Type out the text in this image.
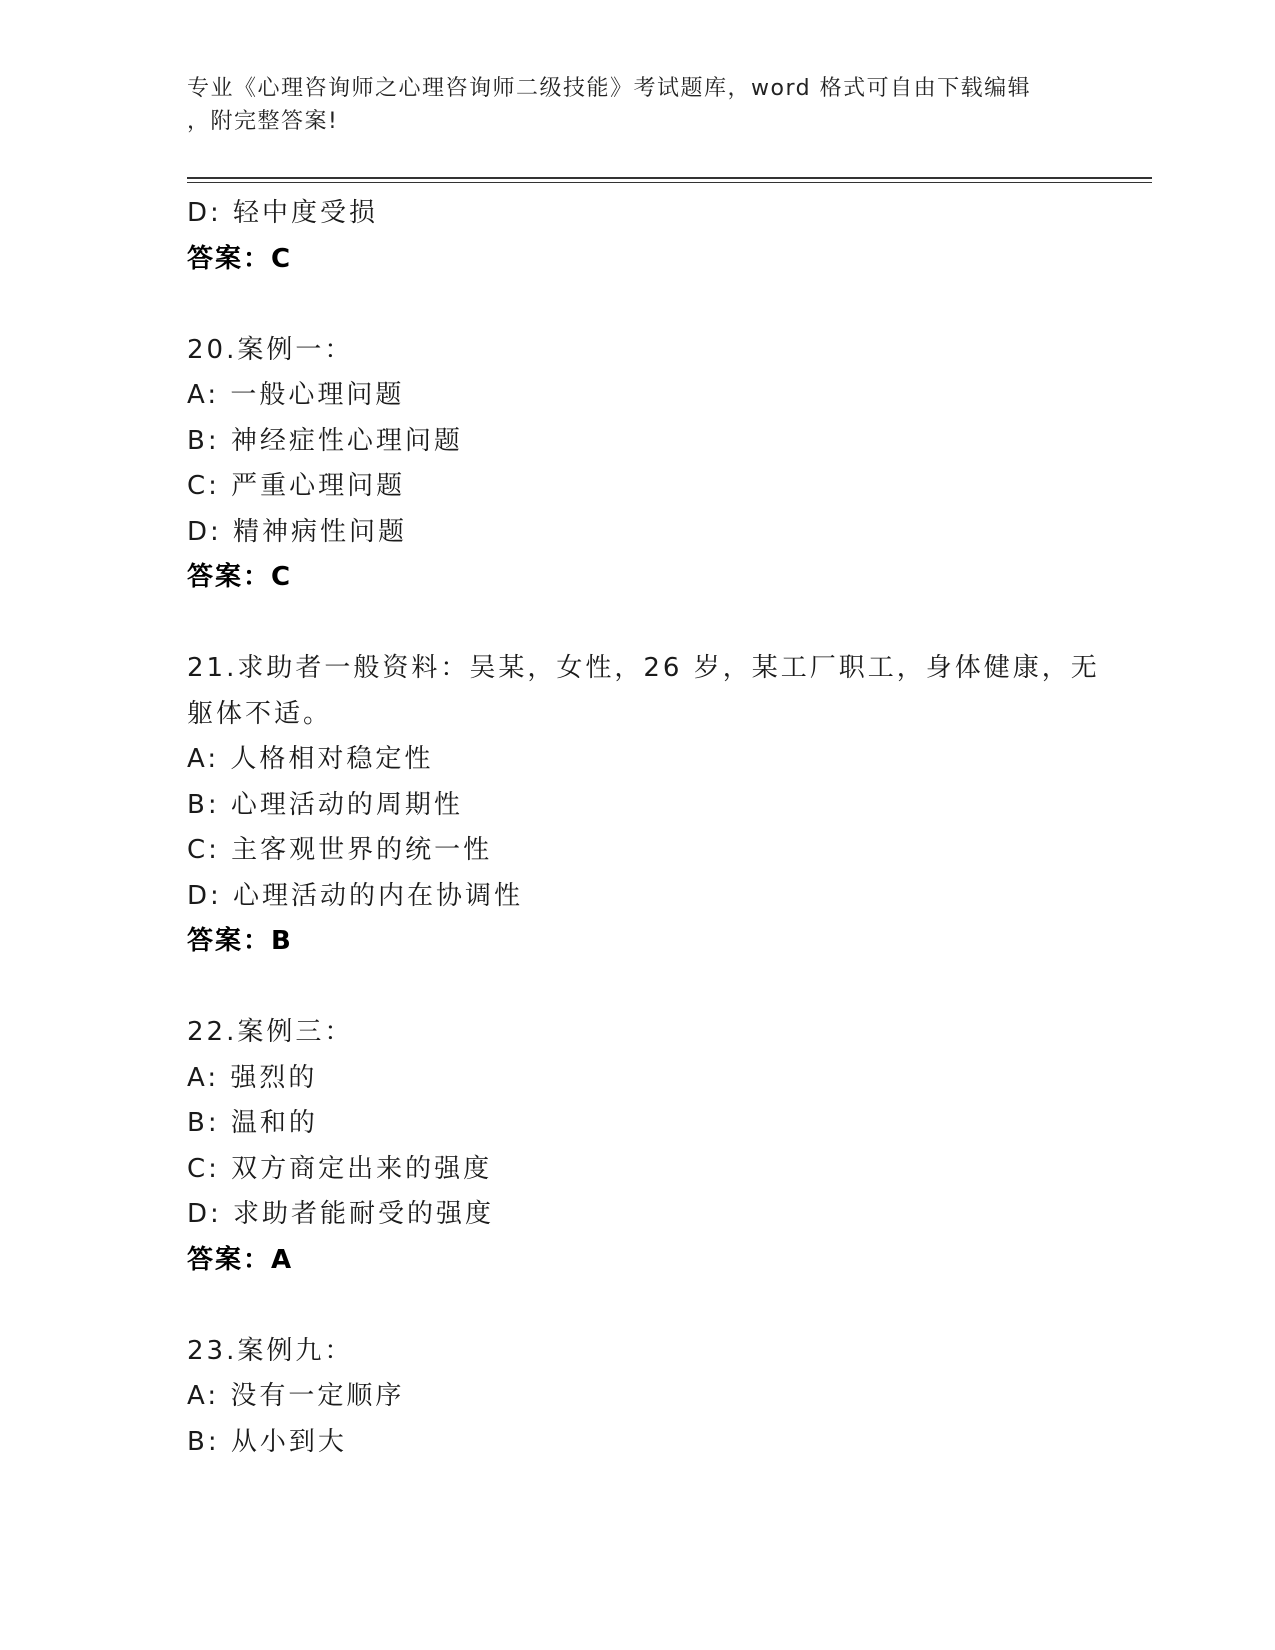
专业《心理咨询师之心理咨询师二级技能》考试题库，word 格式可自由下载编辑
，附完整答案!
D: 轻中度受损
答案：C
20.案例一：
A: 一般心理问题
B: 神经症性心理问题
C: 严重心理问题
D: 精神病性问题
答案：C
21.求助者一般资料：吴某，女性，26 岁，某工厂职工，身体健康，无
躯体不适。
A: 人格相对稳定性
B: 心理活动的周期性
C: 主客观世界的统一性
D: 心理活动的内在协调性
答案：B
22.案例三：
A: 强烈的
B: 温和的
C: 双方商定出来的强度
D: 求助者能耐受的强度
答案：A
23.案例九：
A: 没有一定顺序
B: 从小到大
